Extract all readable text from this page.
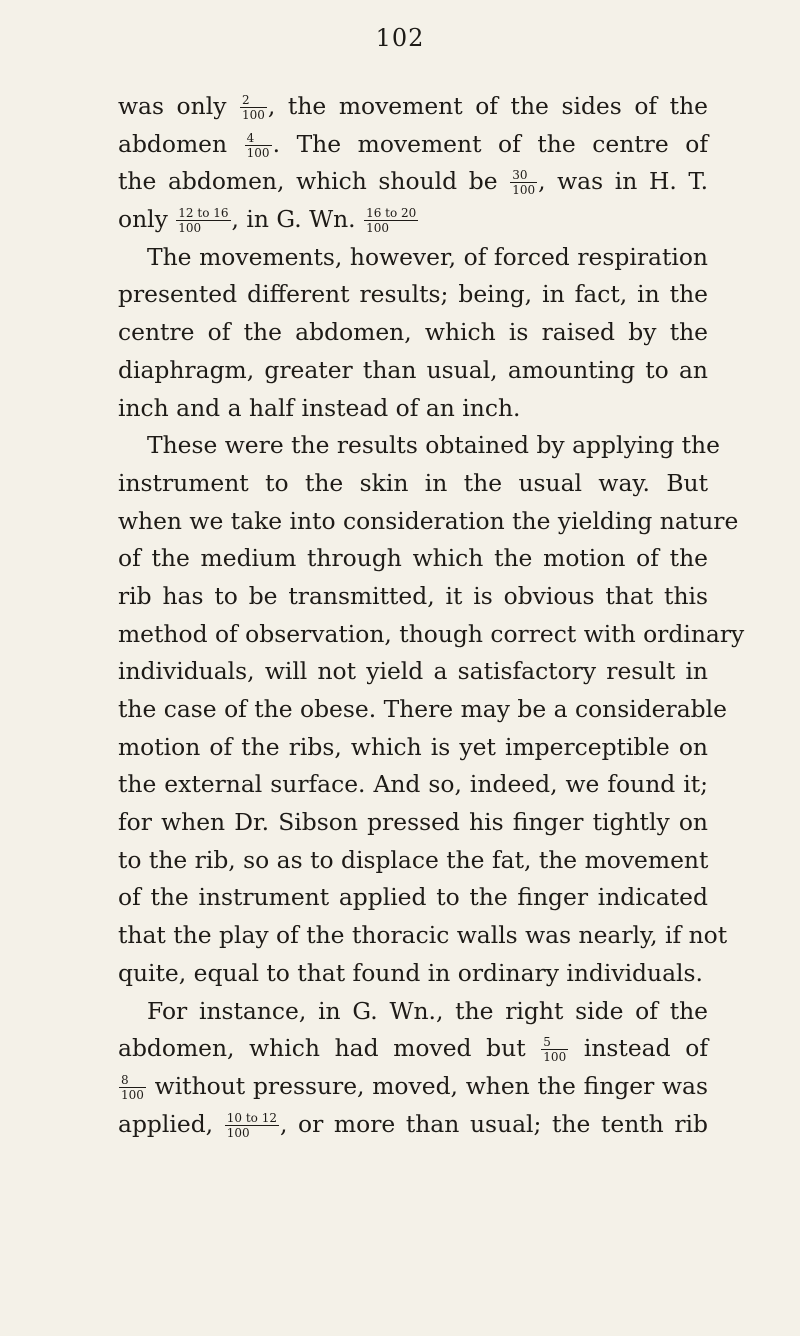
102
was only $\frac{2}{100}$ , the movement of the sides of the
abdomen $\frac{4}{100}$ . The movement of the centre of
the abdomen, which should be $\frac{30}{100}$ , was in H. T.
only $\frac{12 to 16}{100}$ , in G. Wn. $\frac{16 to 20}{100}$
The movements, however, of forced respiration
presented different results; being, in fact, in the
centre of the abdomen, which is raised by the
diaphragm, greater than usual, amounting to an
inch and a half instead of an inch.
These were the results obtained by applying the
instrument to the skin in the usual way. But
when we take into consideration the yielding nature
of the medium through which the motion of the
rib has to be transmitted, it is obvious that this
method of observation, though correct with ordinary
individuals, will not yield a satisfactory result in
the case of the obese. There may be a considerable
motion of the ribs, which is yet imperceptible on
the external surface. And so, indeed, we found it;
for when Dr. Sibson pressed his finger tightly on
to the rib, so as to displace the fat, the movement
of the instrument applied to the finger indicated
that the play of the thoracic walls was nearly, if not
quite, equal to that found in ordinary individuals.
For instance, in G. Wn., the right side of the
abdomen, which had moved but $\frac{5}{100}$ instead of
$\frac{8}{100}$ without pressure, moved, when the finger was
applied, $\frac{10 to 12}{100}$ , or more than usual; the tenth rib
